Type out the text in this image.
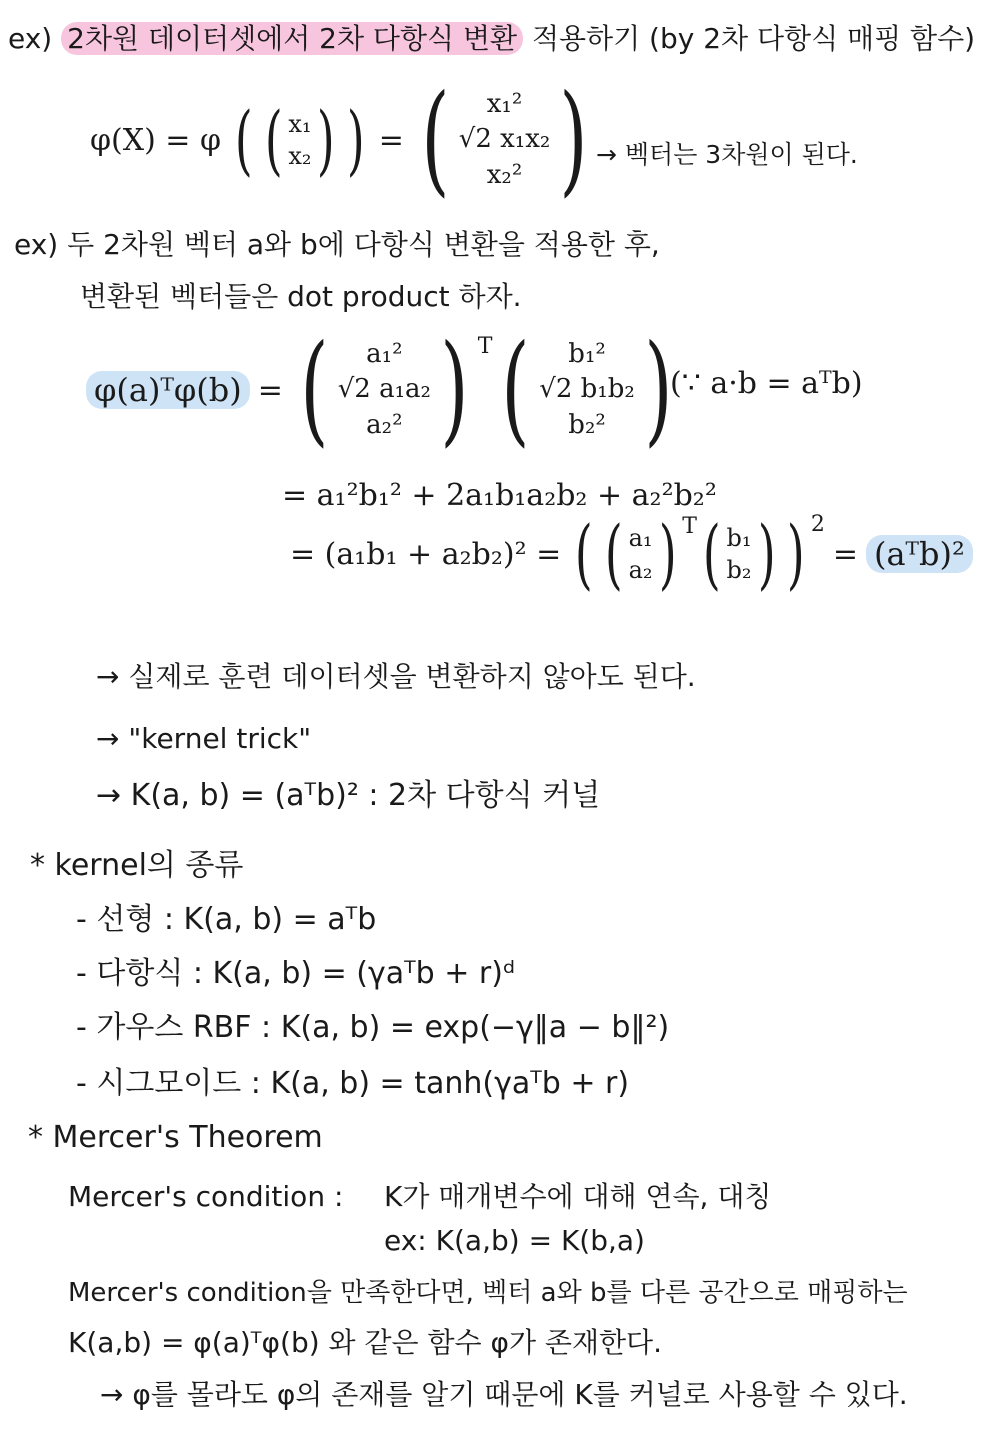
ex) 2차원 데이터셋에서 2차 다항식 변환 적용하기 (by 2차 다항식 매핑 함수)
φ(X) = φ ( ( x₁
x₂ ) ) = ( x₁²
√2 x₁x₂
x₂² ) → 벡터는 3차원이 된다.
ex) 두 2차원 벡터 a와 b에 다항식 변환을 적용한 후,
변환된 벡터들은 dot product 하자.
φ(a)ᵀφ(b) = ( a₁²
√2 a₁a₂
a₂² ) T ( b₁²
√2 b₁b₂
b₂² )
(∵ a·b = aᵀb)
= a₁²b₁² + 2a₁b₁a₂b₂ + a₂²b₂²
= (a₁b₁ + a₂b₂)² = ( ( a₁
a₂ ) T ( b₁
b₂ ) ) 2
= (aᵀb)²
→ 실제로 훈련 데이터셋을 변환하지 않아도 된다.
→ "kernel trick"
→ K(a, b) = (aᵀb)² : 2차 다항식 커널
* kernel의 종류
- 선형 : K(a, b) = aᵀb
- 다항식 : K(a, b) = (γaᵀb + r)ᵈ
- 가우스 RBF : K(a, b) = exp(−γ‖a − b‖²)
- 시그모이드 : K(a, b) = tanh(γaᵀb + r)
* Mercer's Theorem
Mercer's condition : K가 매개변수에 대해 연속, 대칭
ex: K(a,b) = K(b,a)
Mercer's condition을 만족한다면, 벡터 a와 b를 다른 공간으로 매핑하는
K(a,b) = φ(a)ᵀφ(b) 와 같은 함수 φ가 존재한다.
→ φ를 몰라도 φ의 존재를 알기 때문에 K를 커널로 사용할 수 있다.
